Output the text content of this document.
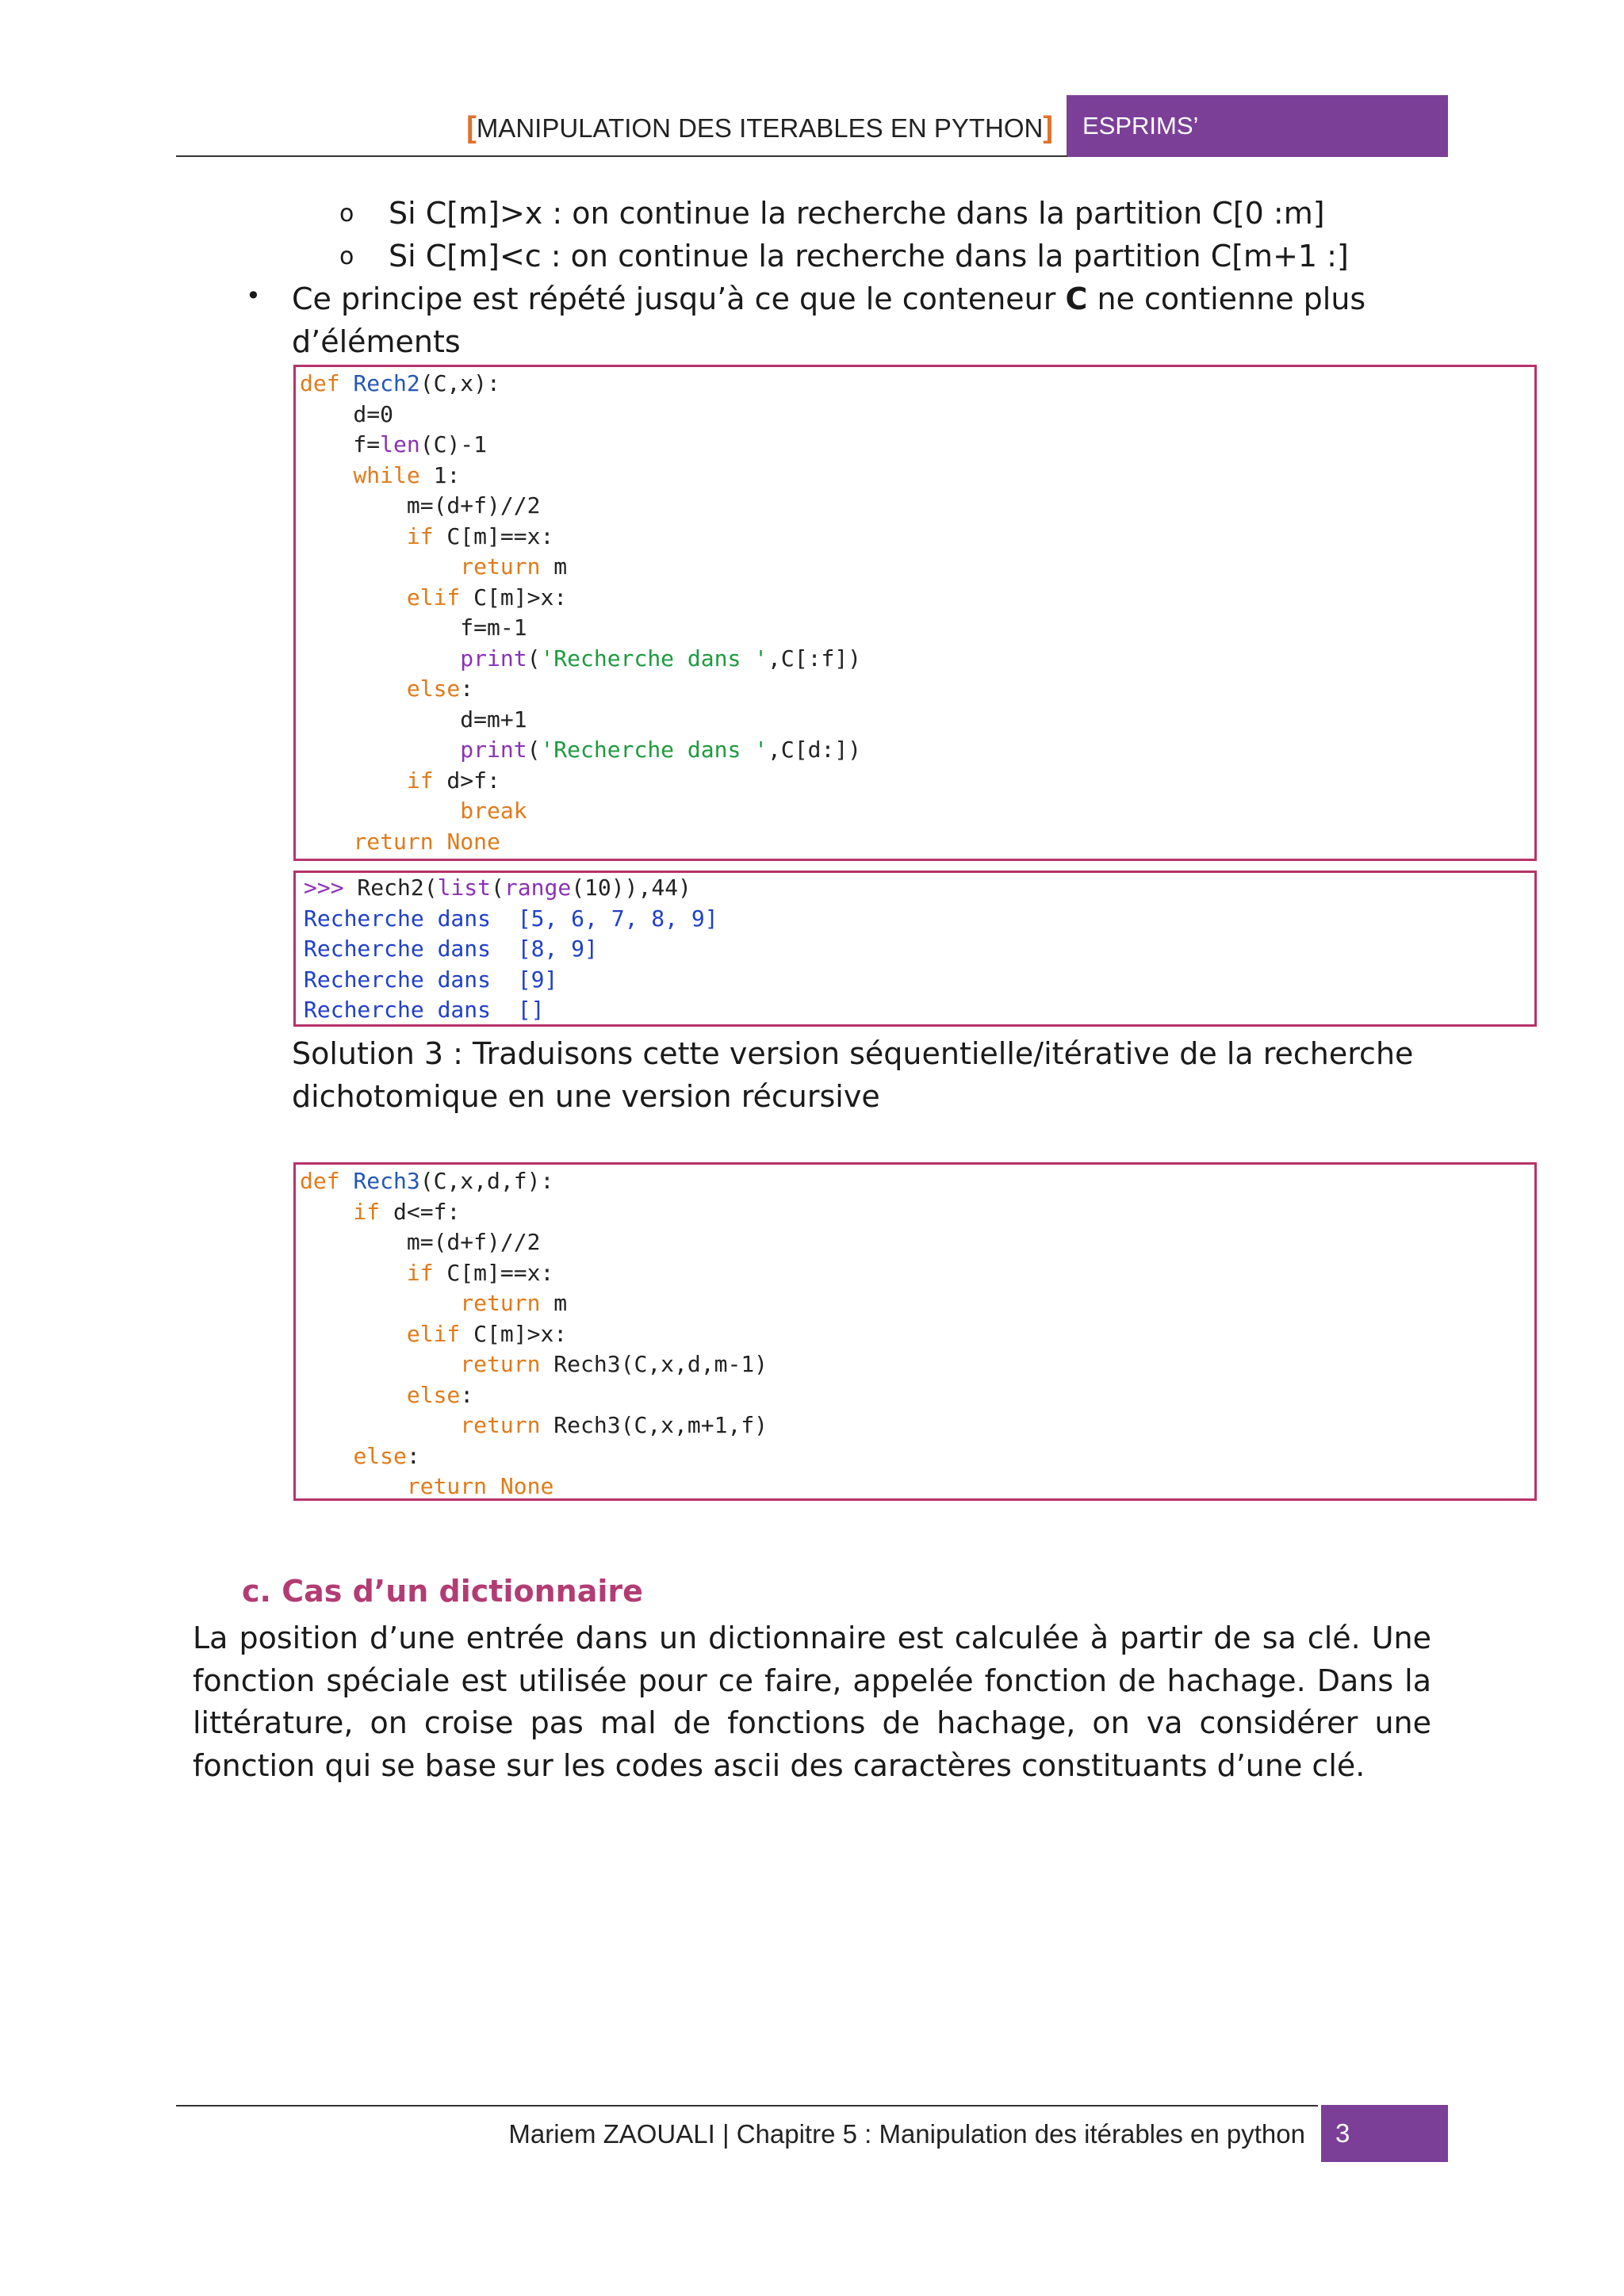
[MANIPULATION DES ITERABLES EN PYTHON]	ESPRIMS’
o Si C[m]>x : on continue la recherche dans la partition C[0 :m]
o Si C[m]<c : on continue la recherche dans la partition C[m+1 :]
• Ce principe est répété jusqu’à ce que le conteneur C ne contienne plus
d’éléments
def Rech2(C,x):
d=0
f=len(C)-1
while 1:
m=(d+f)//2
if C[m]==x:
return m
elif C[m]>x:
f=m-1
print('Recherche dans ',C[:f])
else:
d=m+1
print('Recherche dans ',C[d:])
if d>f:
break
return None
>>> Rech2(list(range(10)),44)
Recherche dans  [5, 6, 7, 8, 9]
Recherche dans  [8, 9]
Recherche dans  [9]
Recherche dans  []
Solution 3 : Traduisons cette version séquentielle/itérative de la recherche
dichotomique en une version récursive
def Rech3(C,x,d,f):
if d<=f:
m=(d+f)//2
if C[m]==x:
return m
elif C[m]>x:
return Rech3(C,x,d,m-1)
else:
return Rech3(C,x,m+1,f)
else:
return None
c. Cas d’un dictionnaire
La position d’une entrée dans un dictionnaire est calculée à partir de sa clé. Une fonction spéciale est utilisée pour ce faire, appelée fonction de hachage. Dans la littérature, on croise pas mal de fonctions de hachage, on va considérer une fonction qui se base sur les codes ascii des caractères constituants d’une clé.
Mariem ZAOUALI | Chapitre 5 : Manipulation des itérables en python	3
